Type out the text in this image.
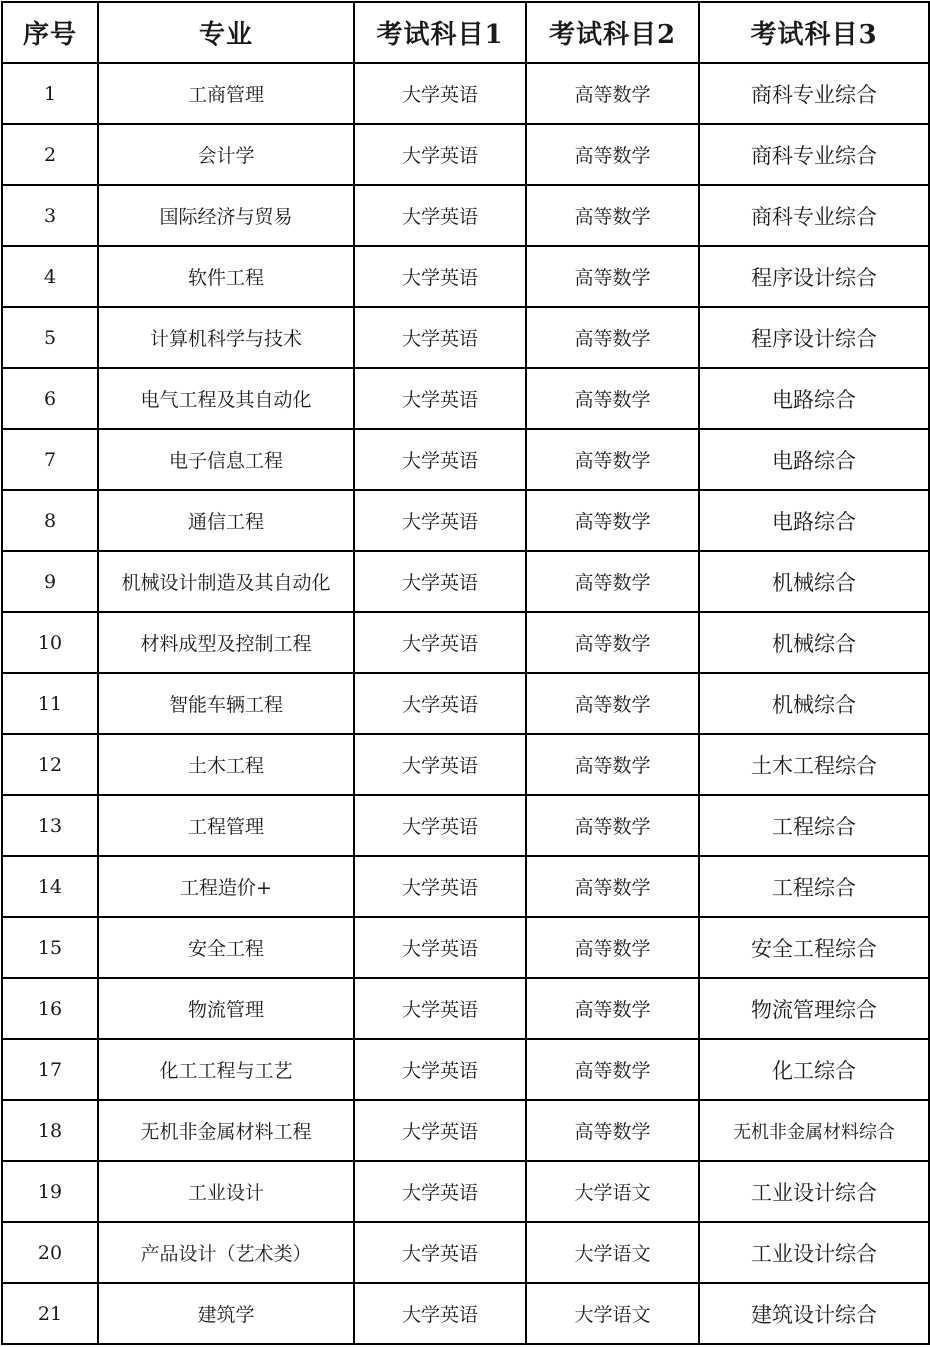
序号	专业	考试科目1	考试科目2	考试科目3
1	工商管理	大学英语	高等数学	商科专业综合
2	会计学	大学英语	高等数学	商科专业综合
3	国际经济与贸易	大学英语	高等数学	商科专业综合
4	软件工程	大学英语	高等数学	程序设计综合
5	计算机科学与技术	大学英语	高等数学	程序设计综合
6	电气工程及其自动化	大学英语	高等数学	电路综合
7	电子信息工程	大学英语	高等数学	电路综合
8	通信工程	大学英语	高等数学	电路综合
9	机械设计制造及其自动化	大学英语	高等数学	机械综合
10	材料成型及控制工程	大学英语	高等数学	机械综合
11	智能车辆工程	大学英语	高等数学	机械综合
12	土木工程	大学英语	高等数学	土木工程综合
13	工程管理	大学英语	高等数学	工程综合
14	工程造价+	大学英语	高等数学	工程综合
15	安全工程	大学英语	高等数学	安全工程综合
16	物流管理	大学英语	高等数学	物流管理综合
17	化工工程与工艺	大学英语	高等数学	化工综合
18	无机非金属材料工程	大学英语	高等数学	无机非金属材料综合
19	工业设计	大学英语	大学语文	工业设计综合
20	产品设计（艺术类）	大学英语	大学语文	工业设计综合
21	建筑学	大学英语	大学语文	建筑设计综合
